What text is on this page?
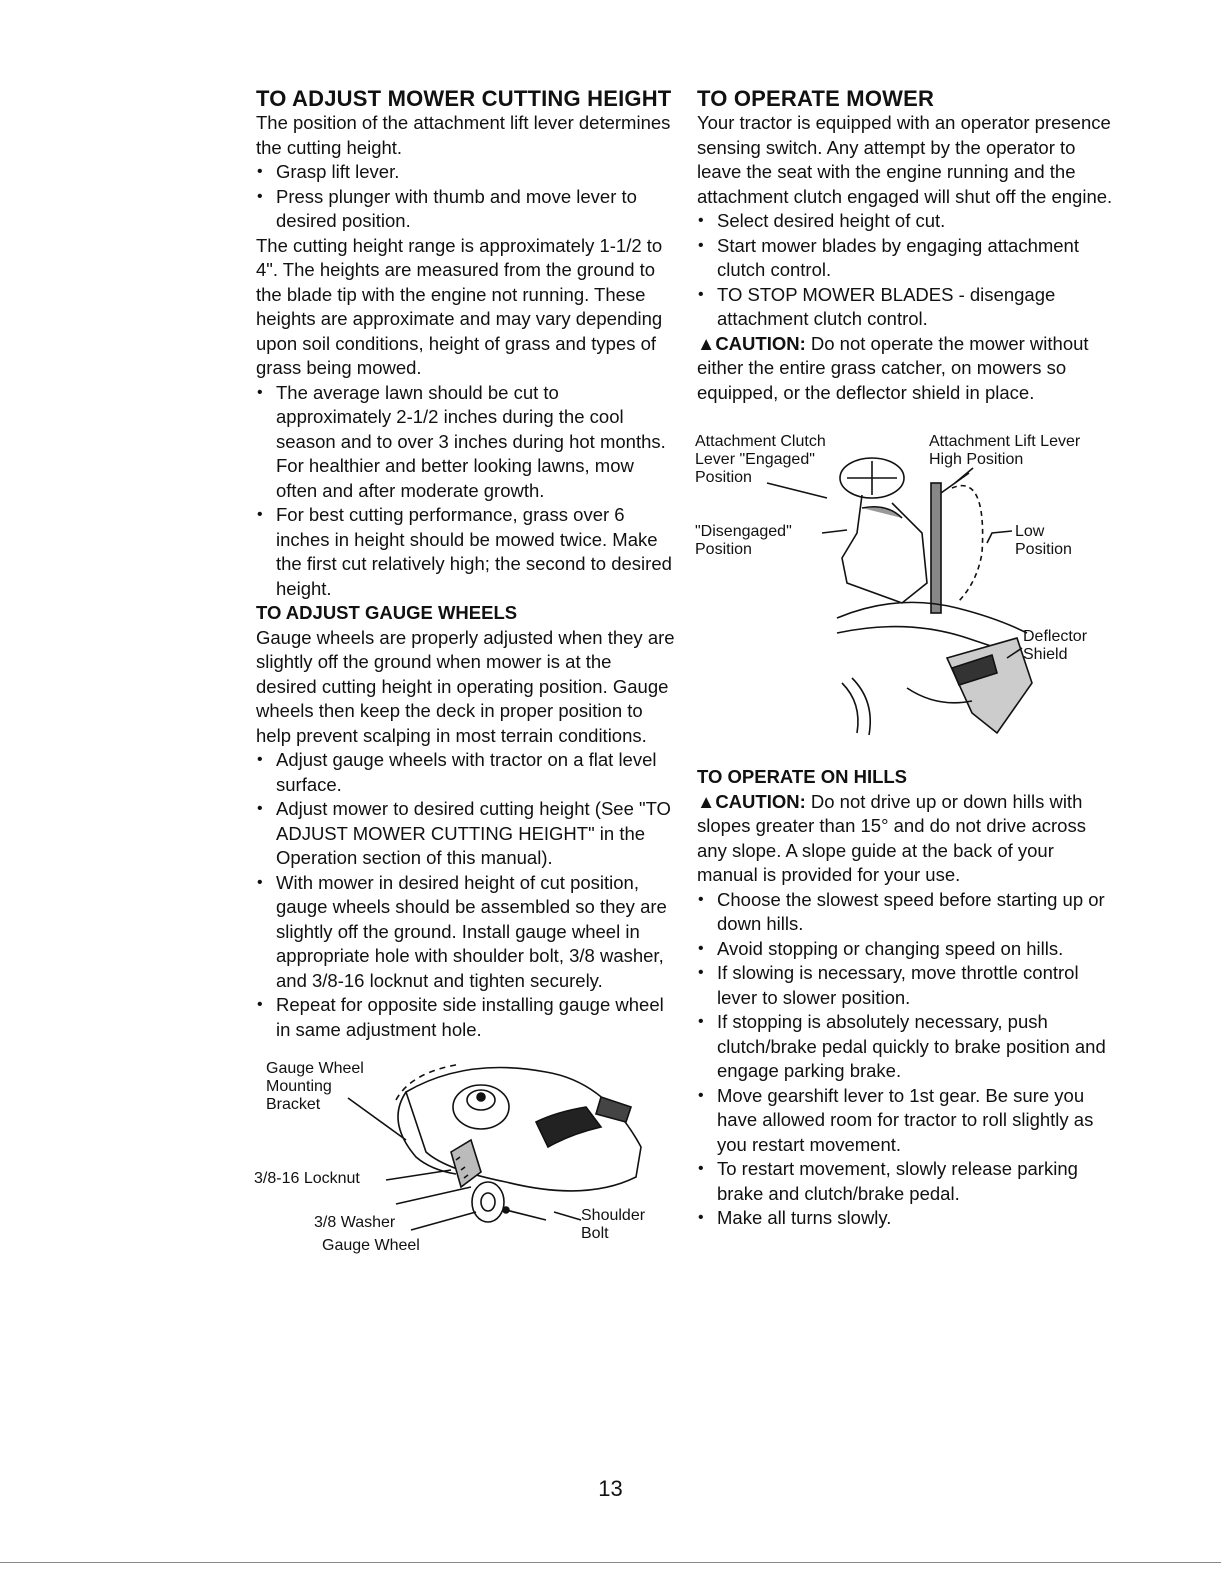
TO ADJUST MOWER CUTTING HEIGHT

The position of the attachment lift lever determines the cutting height.

• Grasp lift lever.
• Press plunger with thumb and move lever to desired position.

The cutting height range is approximately 1-1/2 to 4". The heights are measured from the ground to the blade tip with the engine not running. These heights are approximate and may vary depending upon soil conditions, height of grass and types of grass being mowed.

• The average lawn should be cut to approximately 2-1/2 inches during the cool season and to over 3 inches during hot months. For healthier and better looking lawns, mow often and after moderate growth.
• For best cutting performance, grass over 6 inches in height should be mowed twice. Make the first cut relatively high; the second to desired height.
TO ADJUST GAUGE WHEELS

Gauge wheels are properly adjusted when they are slightly off the ground when mower is at the desired cutting height in operating position. Gauge wheels then keep the deck in proper position to help prevent scalping in most terrain conditions.

• Adjust gauge wheels with tractor on a flat level surface.
• Adjust mower to desired cutting height (See "TO ADJUST MOWER CUTTING HEIGHT" in the Operation section of this manual).
• With mower in desired height of cut position, gauge wheels should be assembled so they are slightly off the ground. Install gauge wheel in appropriate hole with shoulder bolt, 3/8 washer, and 3/8-16 locknut and tighten securely.
• Repeat for opposite side installing gauge wheel in same adjustment hole.
Gauge Wheel
Mounting
Bracket
3/8-16 Locknut
3/8 Washer
Gauge Wheel
Shoulder
Bolt
TO OPERATE MOWER

Your tractor is equipped with an operator presence sensing switch. Any attempt by the operator to leave the seat with the engine running and the attachment clutch engaged will shut off the engine.

• Select desired height of cut.
• Start mower blades by engaging attachment clutch control.
• TO STOP MOWER BLADES - disengage attachment clutch control.

▲CAUTION: Do not operate the mower without either the entire grass catcher, on mowers so equipped, or the deflector shield in place.

Attachment Clutch
Lever "Engaged"
Position
Attachment Lift Lever
High Position
"Disengaged"
Position
Low
Position
Deflector
Shield
TO OPERATE ON HILLS

▲CAUTION: Do not drive up or down hills with slopes greater than 15° and do not drive across any slope. A slope guide at the back of your manual is provided for your use.

• Choose the slowest speed before starting up or down hills.
• Avoid stopping or changing speed on hills.
• If slowing is necessary, move throttle control lever to slower position.
• If stopping is absolutely necessary, push clutch/brake pedal quickly to brake position and engage parking brake.
• Move gearshift lever to 1st gear. Be sure you have allowed room for tractor to roll slightly as you restart movement.
• To restart movement, slowly release parking brake and clutch/brake pedal.
• Make all turns slowly.
13
